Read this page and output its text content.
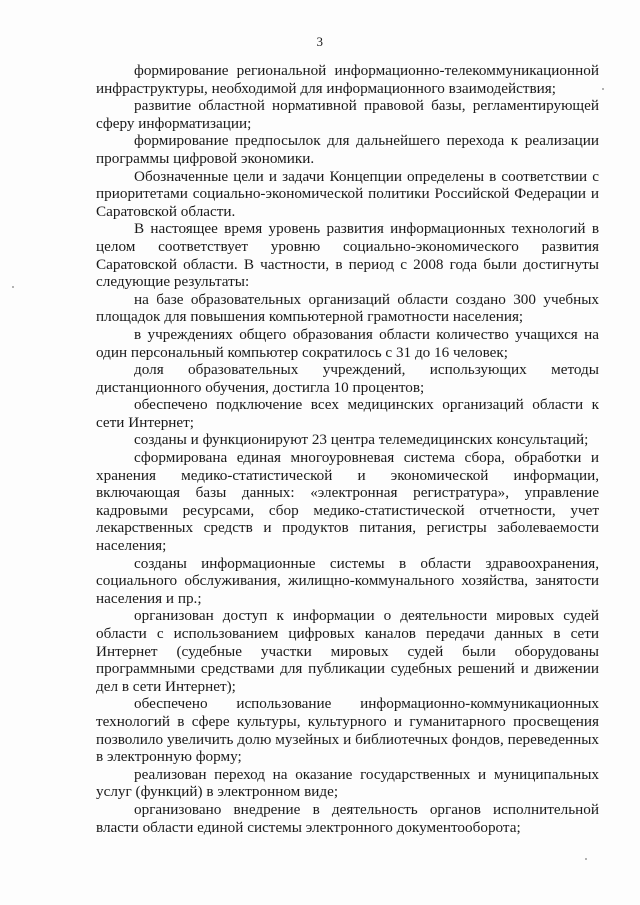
3

формирование региональной информационно-телекоммуникационной инфраструктуры, необходимой для информационного взаимодействия;

развитие областной нормативной правовой базы, регламентирующей сферу информатизации;

формирование предпосылок для дальнейшего перехода к реализации программы цифровой экономики.

Обозначенные цели и задачи Концепции определены в соответствии с приоритетами социально-экономической политики Российской Федерации и Саратовской области.

В настоящее время уровень развития информационных технологий в целом соответствует уровню социально-экономического развития Саратовской области. В частности, в период с 2008 года были достигнуты следующие результаты:

на базе образовательных организаций области создано 300 учебных площадок для повышения компьютерной грамотности населения;

в учреждениях общего образования области количество учащихся на один персональный компьютер сократилось с 31 до 16 человек;

доля образовательных учреждений, использующих методы дистанционного обучения, достигла 10 процентов;

обеспечено подключение всех медицинских организаций области к сети Интернет;

созданы и функционируют 23 центра телемедицинских консультаций;

сформирована единая многоуровневая система сбора, обработки и хранения медико-статистической и экономической информации, включающая базы данных: «электронная регистратура», управление кадровыми ресурсами, сбор медико-статистической отчетности, учет лекарственных средств и продуктов питания, регистры заболеваемости населения;

созданы информационные системы в области здравоохранения, социального обслуживания, жилищно-коммунального хозяйства, занятости населения и пр.;

организован доступ к информации о деятельности мировых судей области с использованием цифровых каналов передачи данных в сети Интернет (судебные участки мировых судей были оборудованы программными средствами для публикации судебных решений и движении дел в сети Интернет);

обеспечено использование информационно-коммуникационных технологий в сфере культуры, культурного и гуманитарного просвещения позволило увеличить долю музейных и библиотечных фондов, переведенных в электронную форму;

реализован переход на оказание государственных и муниципальных услуг (функций) в электронном виде;

организовано внедрение в деятельность органов исполнительной власти области единой системы электронного документооборота;
